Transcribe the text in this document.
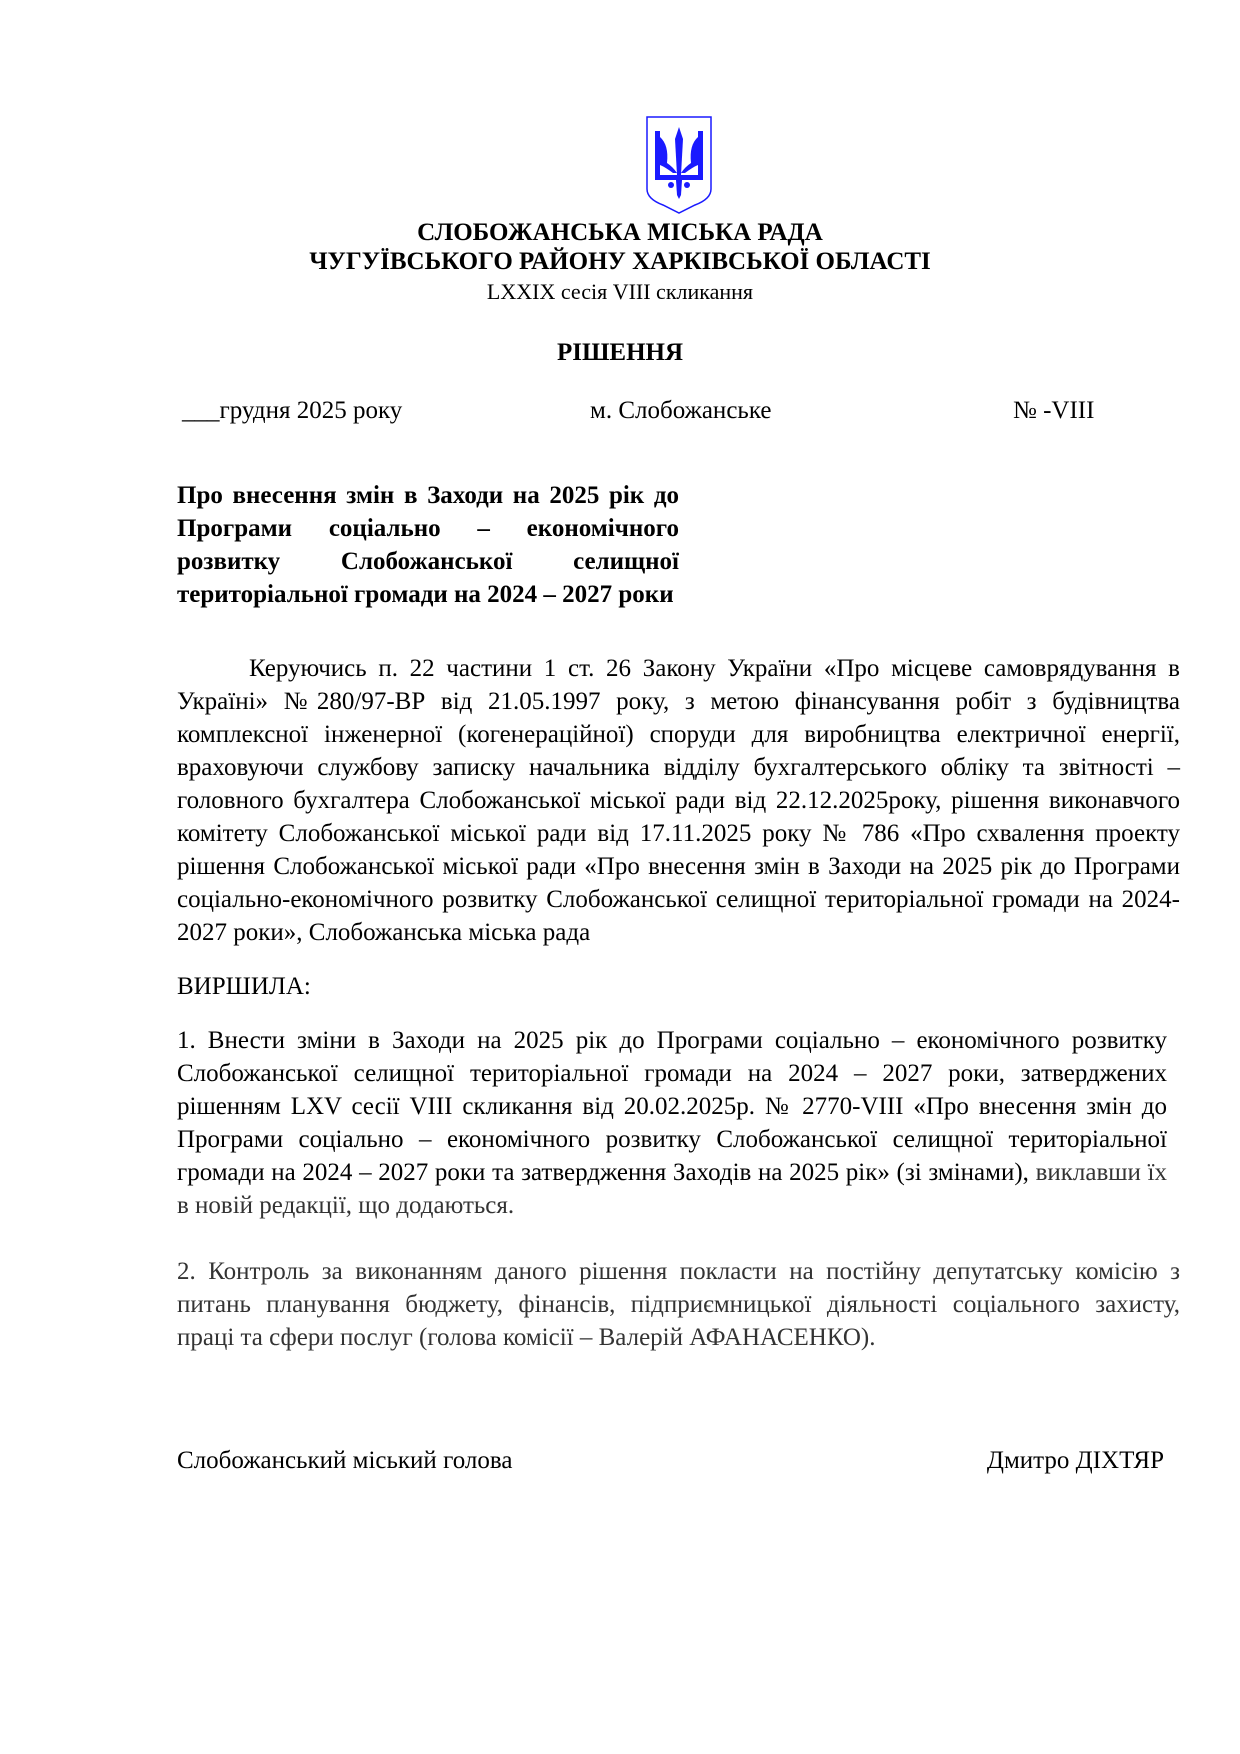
СЛОБОЖАНСЬКА МІСЬКА РАДА
ЧУГУЇВСЬКОГО РАЙОНУ ХАРКІВСЬКОЇ ОБЛАСТІ
LXXIX сесія VIII скликання
РІШЕННЯ
___грудня 2025 року	м. Слобожанське	№ -VIII
Про внесення змін в Заходи на 2025 рік до
Програми соціально – економічного
розвитку Слобожанської селищної
територіальної громади на 2024 – 2027 роки
Керуючись п. 22 частини 1 ст. 26 Закону України «Про місцеве самоврядування в
Україні» №280/97-ВР від 21.05.1997 року, з метою фінансування робіт з будівництва
комплексної інженерної (когенераційної) споруди для виробництва електричної енергії,
враховуючи службову записку начальника відділу бухгалтерського обліку та звітності –
головного бухгалтера Слобожанської міської ради від 22.12.2025року, рішення виконавчого
комітету Слобожанської міської ради від 17.11.2025 року № 786 «Про схвалення проекту
рішення Слобожанської міської ради «Про внесення змін в Заходи на 2025 рік до Програми
соціально-економічного розвитку Слобожанської селищної територіальної громади на 2024-
2027 роки», Слобожанська міська рада
ВИРШИЛА:
1. Внести зміни в Заходи на 2025 рік до Програми соціально – економічного розвитку
Слобожанської селищної територіальної громади на 2024 – 2027 роки, затверджених
рішенням LXV сесії VIII скликання від 20.02.2025р. № 2770-VIII «Про внесення змін до
Програми соціально – економічного розвитку Слобожанської селищної територіальної
громади на 2024 – 2027 роки та затвердження Заходів на 2025 рік» (зі змінами), виклавши їх
в новій редакції, що додаються.
2. Контроль за виконанням даного рішення покласти на постійну депутатську комісію з
питань планування бюджету, фінансів, підприємницької діяльності соціального захисту,
праці та сфери послуг (голова комісії – Валерій АФАНАСЕНКО).
Слобожанський міський голова	Дмитро ДІХТЯР
